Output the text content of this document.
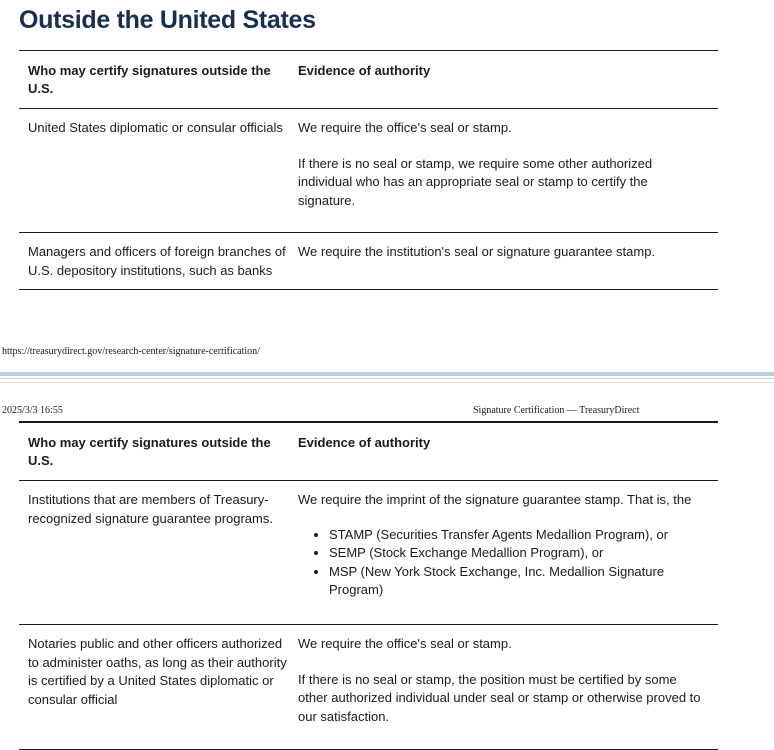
Outside the United States
Who may certify signatures outside the U.S.
Evidence of authority
United States diplomatic or consular officials	We require the office's seal or stamp.

If there is no seal or stamp, we require some other authorized individual who has an appropriate seal or stamp to certify the signature.

Managers and officers of foreign branches of U.S. depository institutions, such as banks

We require the institution's seal or signature guarantee stamp.

https://treasurydirect.gov/research-center/signature-certification/
2025/3/3 16:55	Signature Certification — TreasuryDirect
Who may certify signatures outside the U.S.
Evidence of authority
Institutions that are members of Treasury-recognized signature guarantee programs.

We require the imprint of the signature guarantee stamp. That is, the

• STAMP (Securities Transfer Agents Medallion Program), or
• SEMP (Stock Exchange Medallion Program), or
• MSP (New York Stock Exchange, Inc. Medallion Signature Program)
Notaries public and other officers authorized to administer oaths, as long as their authority is certified by a United States diplomatic or consular official

We require the office's seal or stamp.

If there is no seal or stamp, the position must be certified by some other authorized individual under seal or stamp or otherwise proved to our satisfaction.
